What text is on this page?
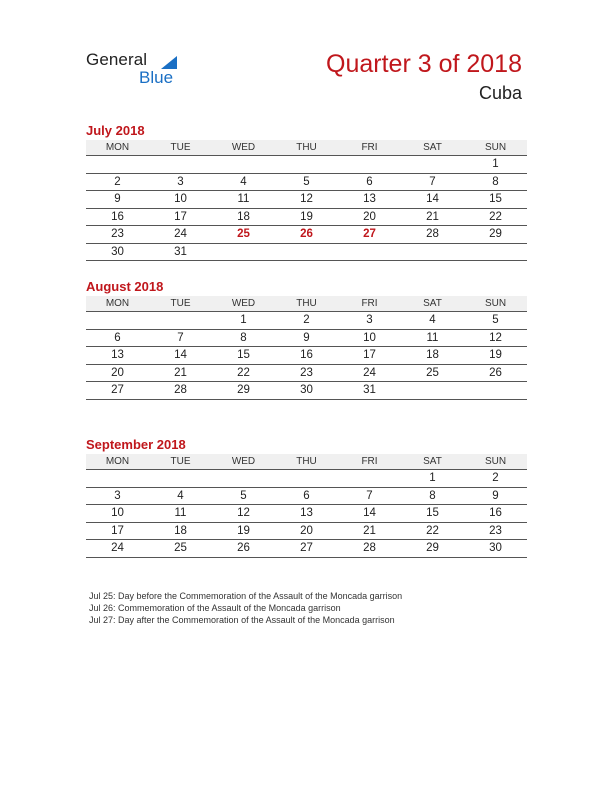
General
Blue	Quarter 3 of 2018
Cuba
July 2018
MON	TUE	WED	THU	FRI	SAT	SUN
						1
2	3	4	5	6	7	8
9	10	11	12	13	14	15
16	17	18	19	20	21	22
23	24	25	26	27	28	29
30	31					
August 2018
MON	TUE	WED	THU	FRI	SAT	SUN
		1	2	3	4	5
6	7	8	9	10	11	12
13	14	15	16	17	18	19
20	21	22	23	24	25	26
27	28	29	30	31		
September 2018
MON	TUE	WED	THU	FRI	SAT	SUN
					1	2
3	4	5	6	7	8	9
10	11	12	13	14	15	16
17	18	19	20	21	22	23
24	25	26	27	28	29	30
Jul 25: Day before the Commemoration of the Assault of the Moncada garrison
Jul 26: Commemoration of the Assault of the Moncada garrison
Jul 27: Day after the Commemoration of the Assault of the Moncada garrison
